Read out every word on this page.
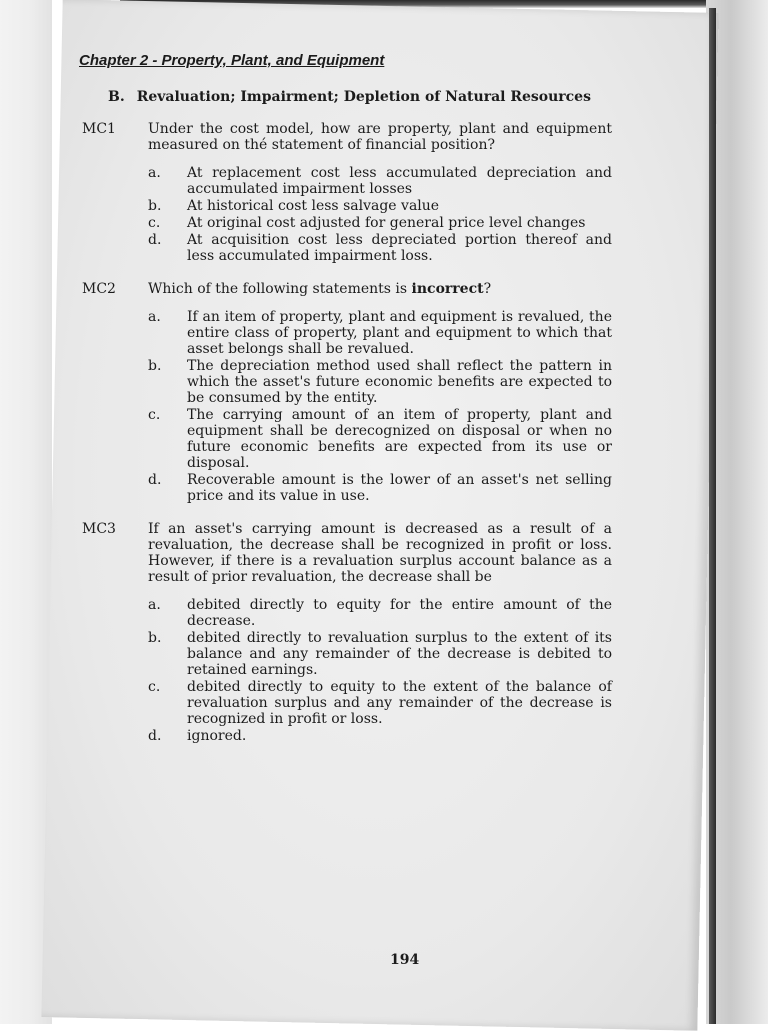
Chapter 2 - Property, Plant, and Equipment
B. Revaluation; Impairment; Depletion of Natural Resources
MC1	Under the cost model, how are property, plant and equipment measured on thé statement of financial position?
a.	At replacement cost less accumulated depreciation and accumulated impairment losses
b.	At historical cost less salvage value
c.	At original cost adjusted for general price level changes
d.	At acquisition cost less depreciated portion thereof and less accumulated impairment loss.
MC2	Which of the following statements is incorrect?
a.	If an item of property, plant and equipment is revalued, the entire class of property, plant and equipment to which that asset belongs shall be revalued.
b.	The depreciation method used shall reflect the pattern in which the asset's future economic benefits are expected to be consumed by the entity.
c.	The carrying amount of an item of property, plant and equipment shall be derecognized on disposal or when no future economic benefits are expected from its use or disposal.
d.	Recoverable amount is the lower of an asset's net selling price and its value in use.
MC3	If an asset's carrying amount is decreased as a result of a revaluation, the decrease shall be recognized in profit or loss. However, if there is a revaluation surplus account balance as a result of prior revaluation, the decrease shall be
a.	debited directly to equity for the entire amount of the decrease.
b.	debited directly to revaluation surplus to the extent of its balance and any remainder of the decrease is debited to retained earnings.
c.	debited directly to equity to the extent of the balance of revaluation surplus and any remainder of the decrease is recognized in profit or loss.
d.	ignored.
194
